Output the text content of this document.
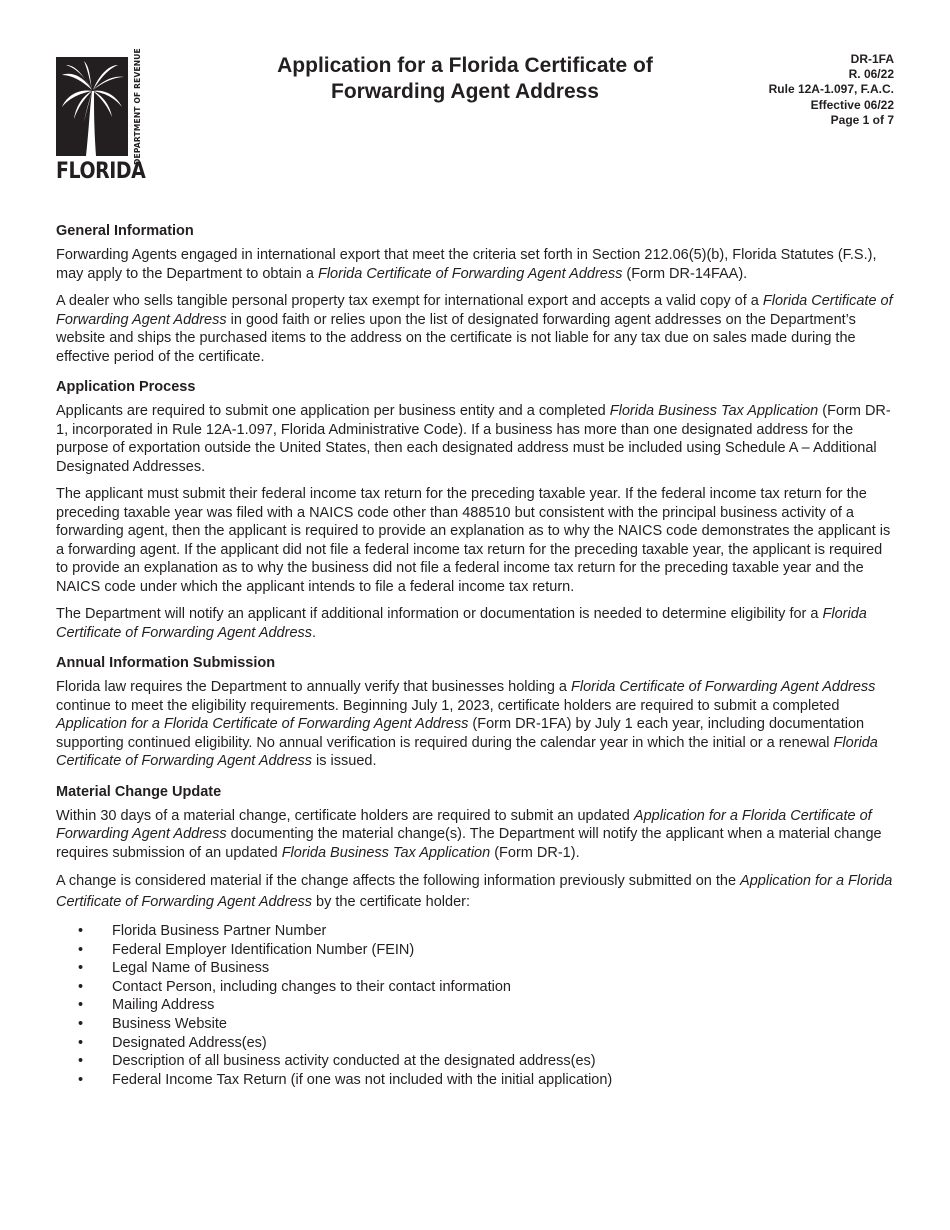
DEPARTMENT OF REVENUE
FLORIDA
Application for a Florida Certificate of
Forwarding Agent Address
DR-1FA
R. 06/22
Rule 12A-1.097, F.A.C.
Effective 06/22
Page 1 of 7
General Information

Forwarding Agents engaged in international export that meet the criteria set forth in Section 212.06(5)(b), Florida Statutes (F.S.), may apply to the Department to obtain a Florida Certificate of Forwarding Agent Address (Form DR-14FAA).

A dealer who sells tangible personal property tax exempt for international export and accepts a valid copy of a Florida Certificate of Forwarding Agent Address in good faith or relies upon the list of designated forwarding agent addresses on the Department’s website and ships the purchased items to the address on the certificate is not liable for any tax due on sales made during the effective period of the certificate.

Application Process

Applicants are required to submit one application per business entity and a completed Florida Business Tax Application (Form DR-1, incorporated in Rule 12A-1.097, Florida Administrative Code). If a business has more than one designated address for the purpose of exportation outside the United States, then each designated address must be included using Schedule A – Additional Designated Addresses.

The applicant must submit their federal income tax return for the preceding taxable year. If the federal income tax return for the preceding taxable year was filed with a NAICS code other than 488510 but consistent with the principal business activity of a forwarding agent, then the applicant is required to provide an explanation as to why the NAICS code demonstrates the applicant is a forwarding agent. If the applicant did not file a federal income tax return for the preceding taxable year, the applicant is required to provide an explanation as to why the business did not file a federal income tax return for the preceding taxable year and the NAICS code under which the applicant intends to file a federal income tax return.

The Department will notify an applicant if additional information or documentation is needed to determine eligibility for a Florida Certificate of Forwarding Agent Address.

Annual Information Submission

Florida law requires the Department to annually verify that businesses holding a Florida Certificate of Forwarding Agent Address continue to meet the eligibility requirements. Beginning July 1, 2023, certificate holders are required to submit a completed Application for a Florida Certificate of Forwarding Agent Address (Form DR-1FA) by July 1 each year, including documentation supporting continued eligibility. No annual verification is required during the calendar year in which the initial or a renewal Florida Certificate of Forwarding Agent Address is issued.

Material Change Update

Within 30 days of a material change, certificate holders are required to submit an updated Application for a Florida Certificate of Forwarding Agent Address documenting the material change(s). The Department will notify the applicant when a material change requires submission of an updated Florida Business Tax Application (Form DR-1).

A change is considered material if the change affects the following information previously submitted on the Application for a Florida Certificate of Forwarding Agent Address by the certificate holder:

• Florida Business Partner Number
• Federal Employer Identification Number (FEIN)
• Legal Name of Business
• Contact Person, including changes to their contact information
• Mailing Address
• Business Website
• Designated Address(es)
• Description of all business activity conducted at the designated address(es)
• Federal Income Tax Return (if one was not included with the initial application)
